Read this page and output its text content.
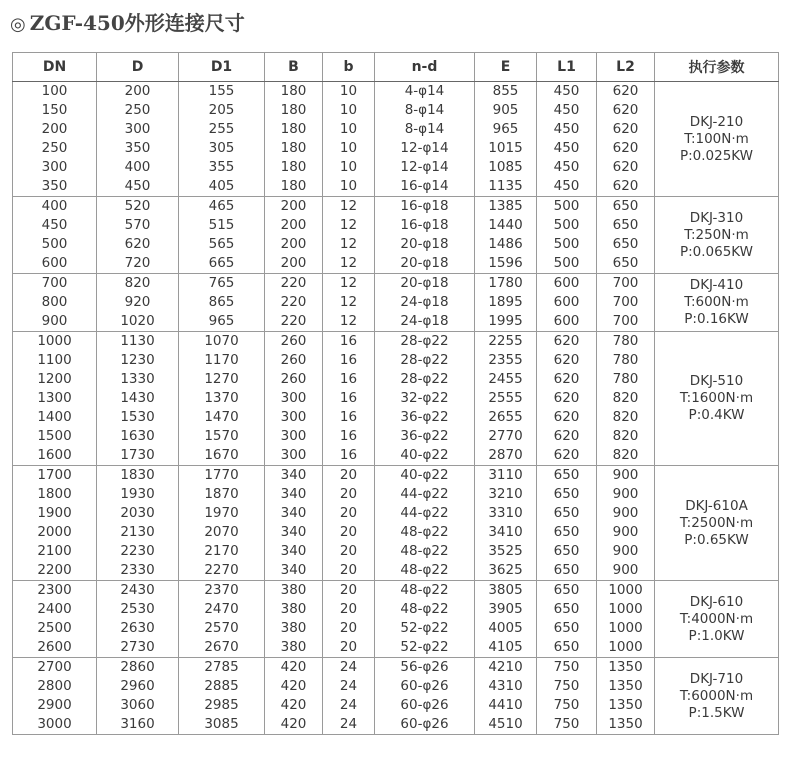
◎ ZGF-450外形连接尺寸
DN	D	D1	B	b	n-d	E	L1	L2	执行参数
100	200	155	180	10	4-φ14	855	450	620	DKJ-210
T:100N·m
P:0.025KW

150	250	205	180	10	8-φ14	905	450	620	
200	300	255	180	10	8-φ14	965	450	620	
250	350	305	180	10	12-φ14	1015	450	620	
300	400	355	180	10	12-φ14	1085	450	620	
350	450	405	180	10	16-φ14	1135	450	620	
400	520	465	200	12	16-φ18	1385	500	650	DKJ-310
T:250N·m
P:0.065KW

450	570	515	200	12	16-φ18	1440	500	650	
500	620	565	200	12	20-φ18	1486	500	650	
600	720	665	200	12	20-φ18	1596	500	650	
700	820	765	220	12	20-φ18	1780	600	700	DKJ-410
T:600N·m
P:0.16KW

800	920	865	220	12	24-φ18	1895	600	700	
900	1020	965	220	12	24-φ18	1995	600	700	
1000	1130	1070	260	16	28-φ22	2255	620	780	DKJ-510
T:1600N·m
P:0.4KW

1100	1230	1170	260	16	28-φ22	2355	620	780	
1200	1330	1270	260	16	28-φ22	2455	620	780	
1300	1430	1370	300	16	32-φ22	2555	620	820	
1400	1530	1470	300	16	36-φ22	2655	620	820	
1500	1630	1570	300	16	36-φ22	2770	620	820	
1600	1730	1670	300	16	40-φ22	2870	620	820	
1700	1830	1770	340	20	40-φ22	3110	650	900	DKJ-610A
T:2500N·m
P:0.65KW

1800	1930	1870	340	20	44-φ22	3210	650	900	
1900	2030	1970	340	20	44-φ22	3310	650	900	
2000	2130	2070	340	20	48-φ22	3410	650	900	
2100	2230	2170	340	20	48-φ22	3525	650	900	
2200	2330	2270	340	20	48-φ22	3625	650	900	
2300	2430	2370	380	20	48-φ22	3805	650	1000	DKJ-610
T:4000N·m
P:1.0KW

2400	2530	2470	380	20	48-φ22	3905	650	1000	
2500	2630	2570	380	20	52-φ22	4005	650	1000	
2600	2730	2670	380	20	52-φ22	4105	650	1000	
2700	2860	2785	420	24	56-φ26	4210	750	1350	DKJ-710
T:6000N·m
P:1.5KW

2800	2960	2885	420	24	60-φ26	4310	750	1350	
2900	3060	2985	420	24	60-φ26	4410	750	1350	
3000	3160	3085	420	24	60-φ26	4510	750	1350	
